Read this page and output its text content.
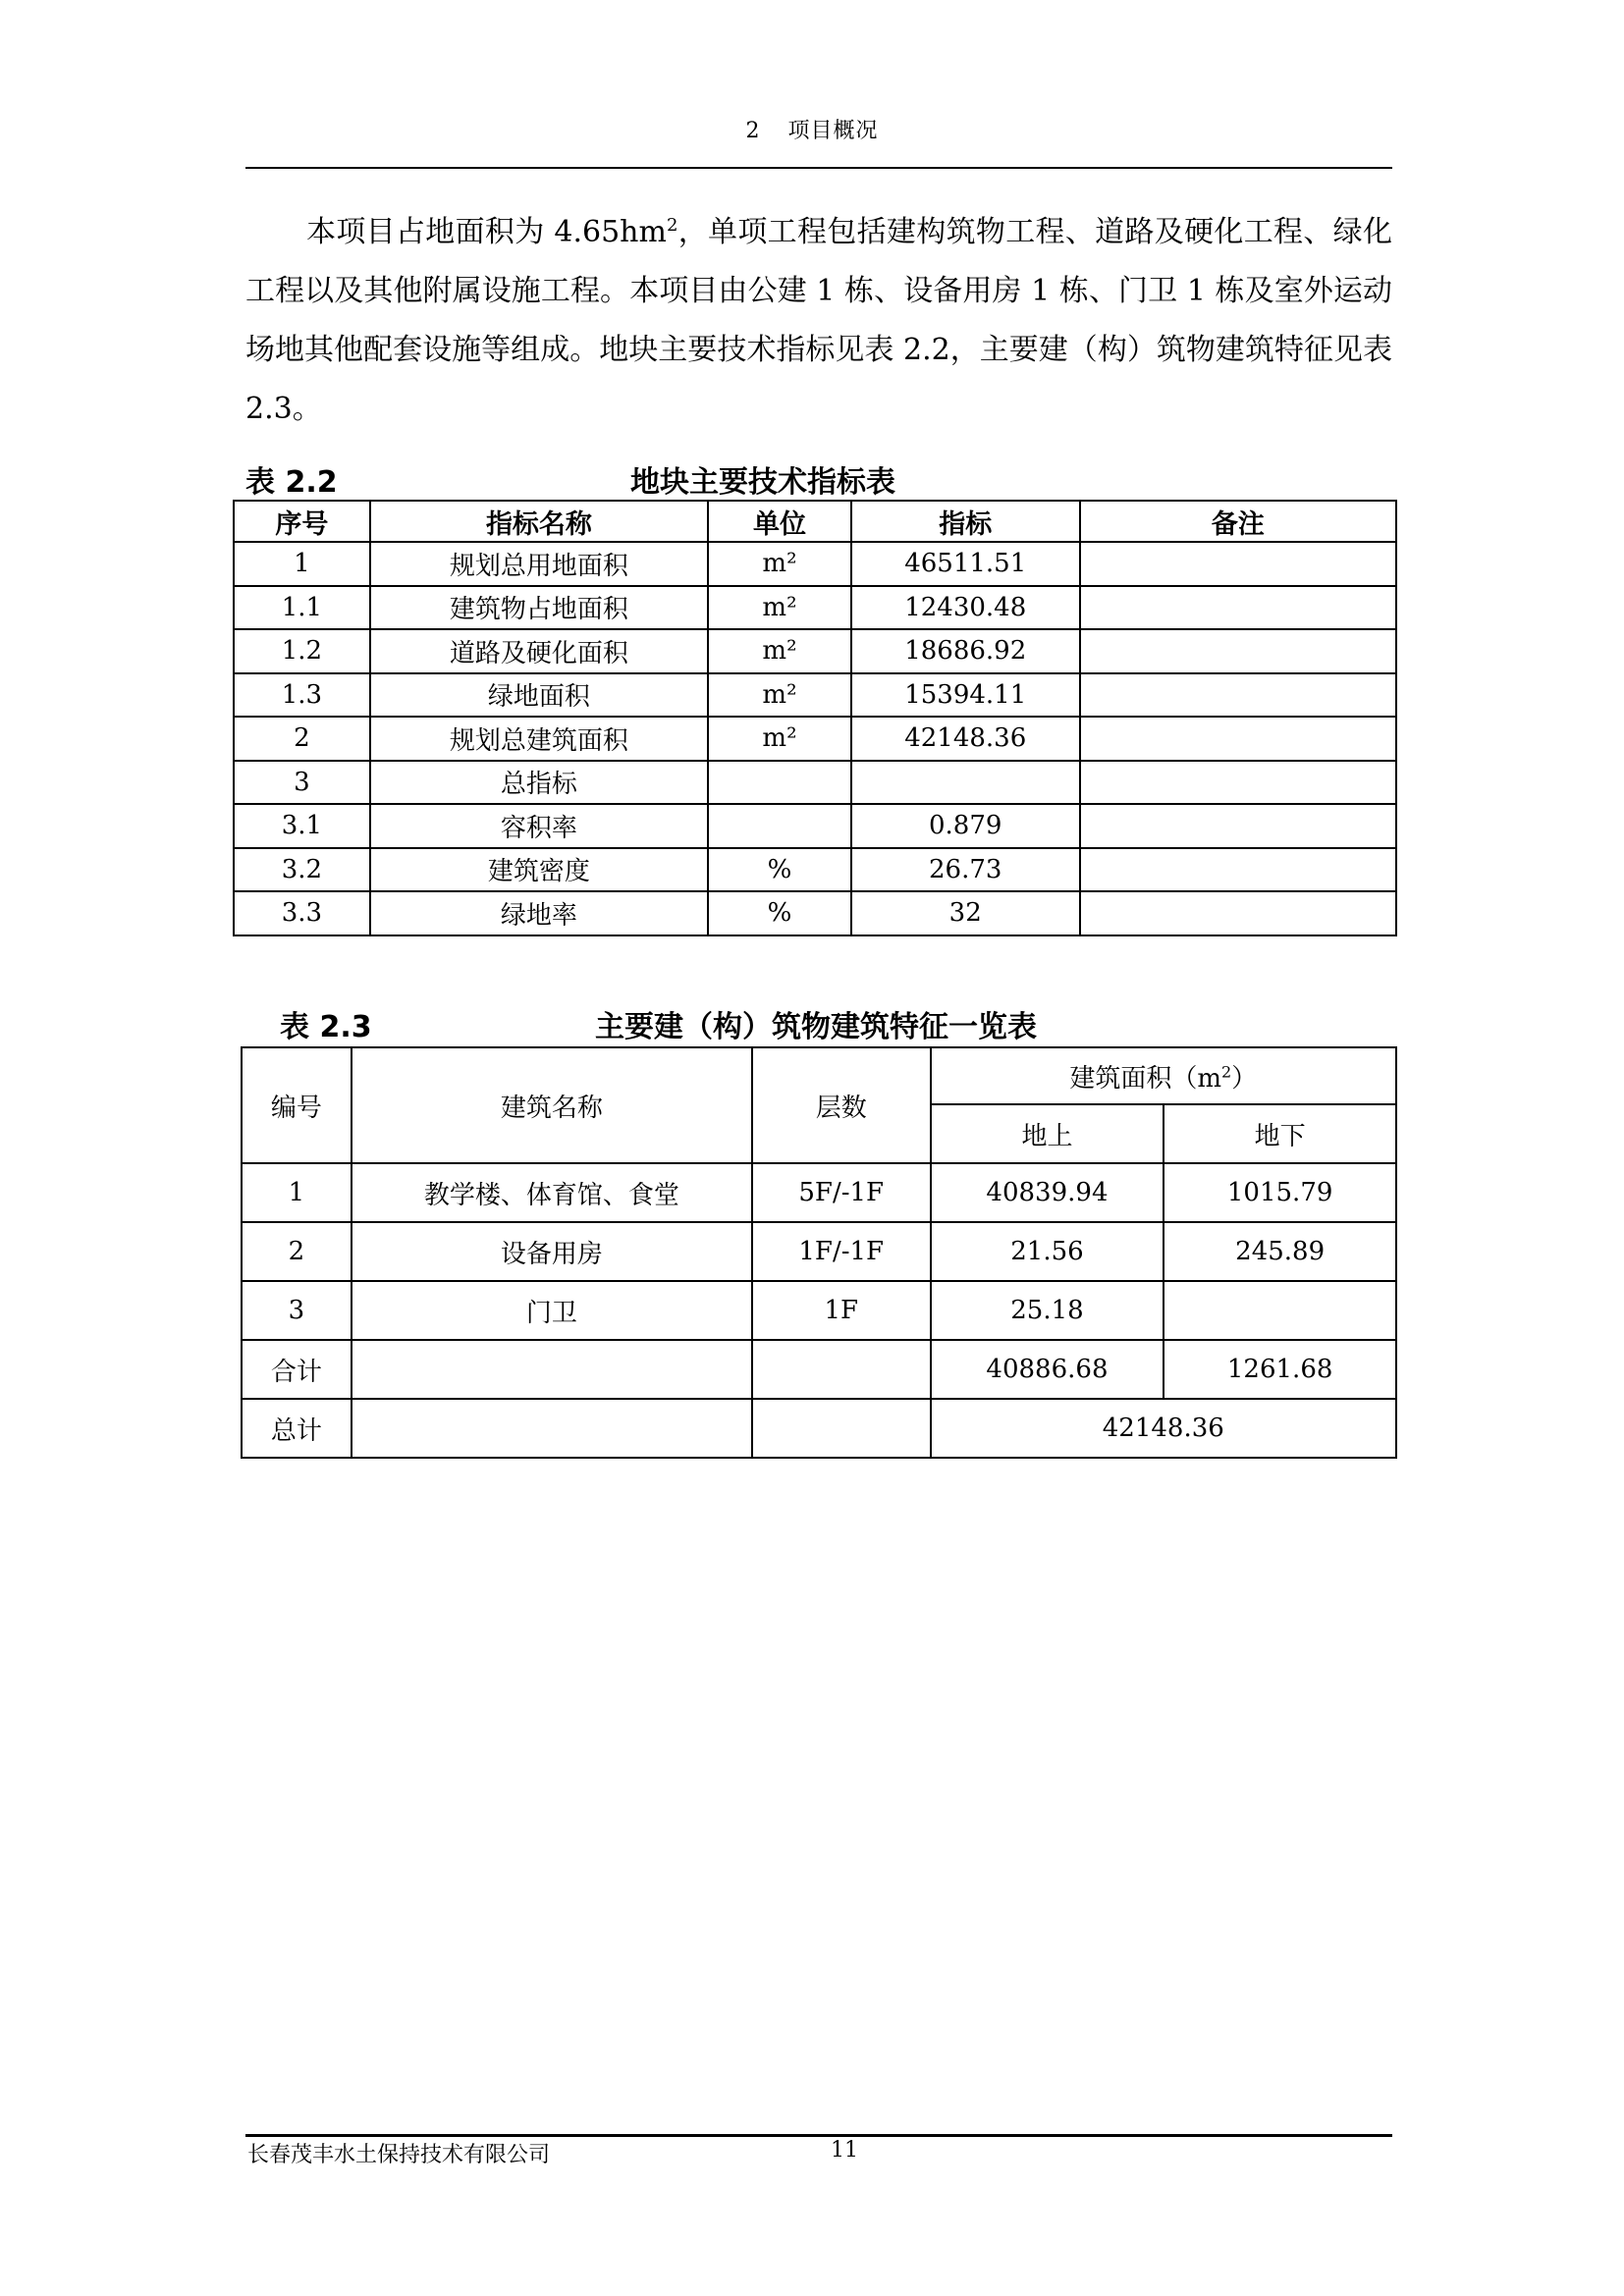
2 项目概况

本项目占地面积为 $4.65hm^2$，单项工程包括建构筑物工程、道路及硬化工程、绿化工程以及其他附属设施工程。本项目由公建 1 栋、设备用房 1 栋、门卫 1 栋及室外运动场地其他配套设施等组成。地块主要技术指标见表 2.2，主要建（构）筑物建筑特征见表 2.3。

表 2.2	地块主要技术指标表
序号	指标名称	单位	指标	备注
1	规划总用地面积	m²	46511.51	
1.1	建筑物占地面积	m²	12430.48	
1.2	道路及硬化面积	m²	18686.92	
1.3	绿地面积	m²	15394.11	
2	规划总建筑面积	m²	42148.36	
3	总指标			
3.1	容积率		0.879	
3.2	建筑密度	%	26.73	
3.3	绿地率	%	32	
表 2.3	主要建（构）筑物建筑特征一览表
编号	建筑名称	层数	建筑面积$(m^2)$	
			地上	地下
1	教学楼、体育馆、食堂	5F/-1F	40839.94	1015.79
2	设备用房	1F/-1F	21.56	245.89
3	门卫	1F	25.18	
合计			40886.68	1261.68
总计			42148.36	
长春茂丰水土保持技术有限公司	11
